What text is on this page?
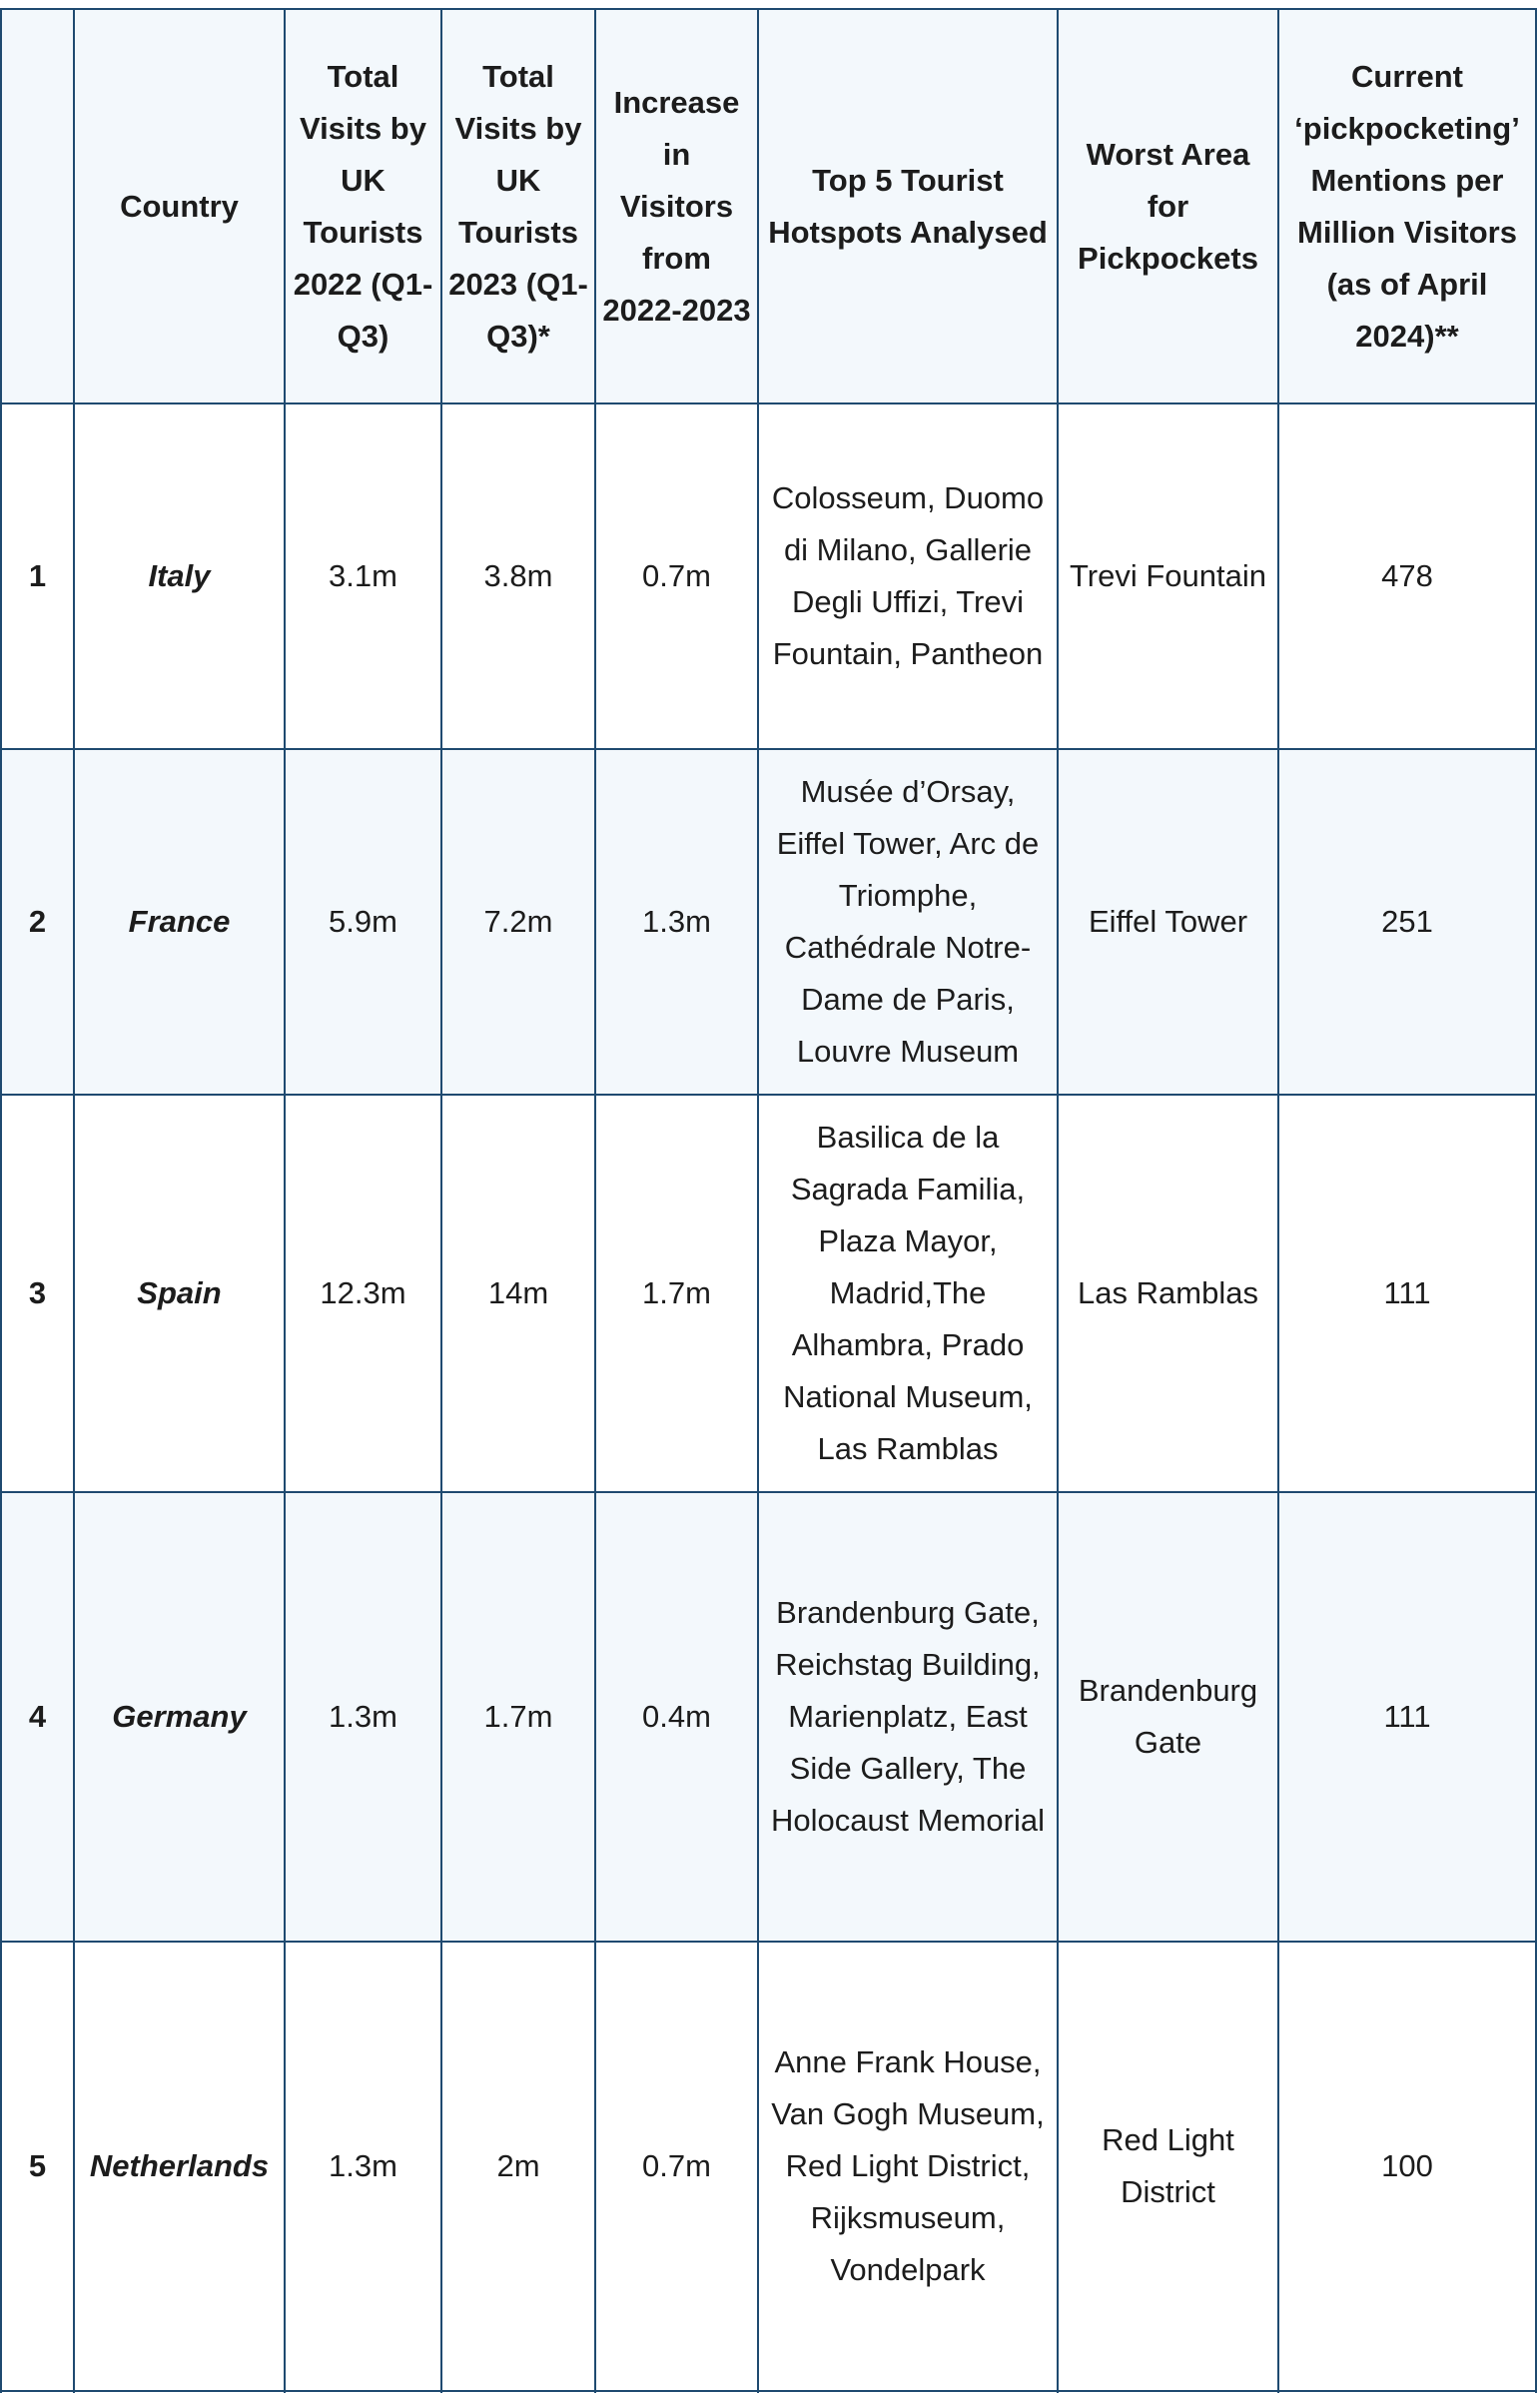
	Country	Total Visits by UK Tourists 2022 (Q1-Q3)	Total Visits by UK Tourists 2023 (Q1-Q3)*	Increase in Visitors from 2022-2023	Top 5 Tourist Hotspots Analysed	Worst Area for Pickpockets	Current ‘pickpocketing’ Mentions per Million Visitors (as of April 2024)**
1	Italy	3.1m	3.8m	0.7m	Colosseum, Duomo di Milano, Gallerie Degli Uffizi, Trevi Fountain, Pantheon	Trevi Fountain	478
2	France	5.9m	7.2m	1.3m	Musée d’Orsay, Eiffel Tower, Arc de Triomphe, Cathédrale Notre-Dame de Paris, Louvre Museum	Eiffel Tower	251
3	Spain	12.3m	14m	1.7m	Basilica de la Sagrada Familia, Plaza Mayor, Madrid,The Alhambra, Prado National Museum, Las Ramblas	Las Ramblas	111
4	Germany	1.3m	1.7m	0.4m	Brandenburg Gate, Reichstag Building, Marienplatz, East Side Gallery, The Holocaust Memorial	Brandenburg Gate	111
5	Netherlands	1.3m	2m	0.7m	Anne Frank House, Van Gogh Museum, Red Light District, Rijksmuseum, Vondelpark	Red Light District	100
